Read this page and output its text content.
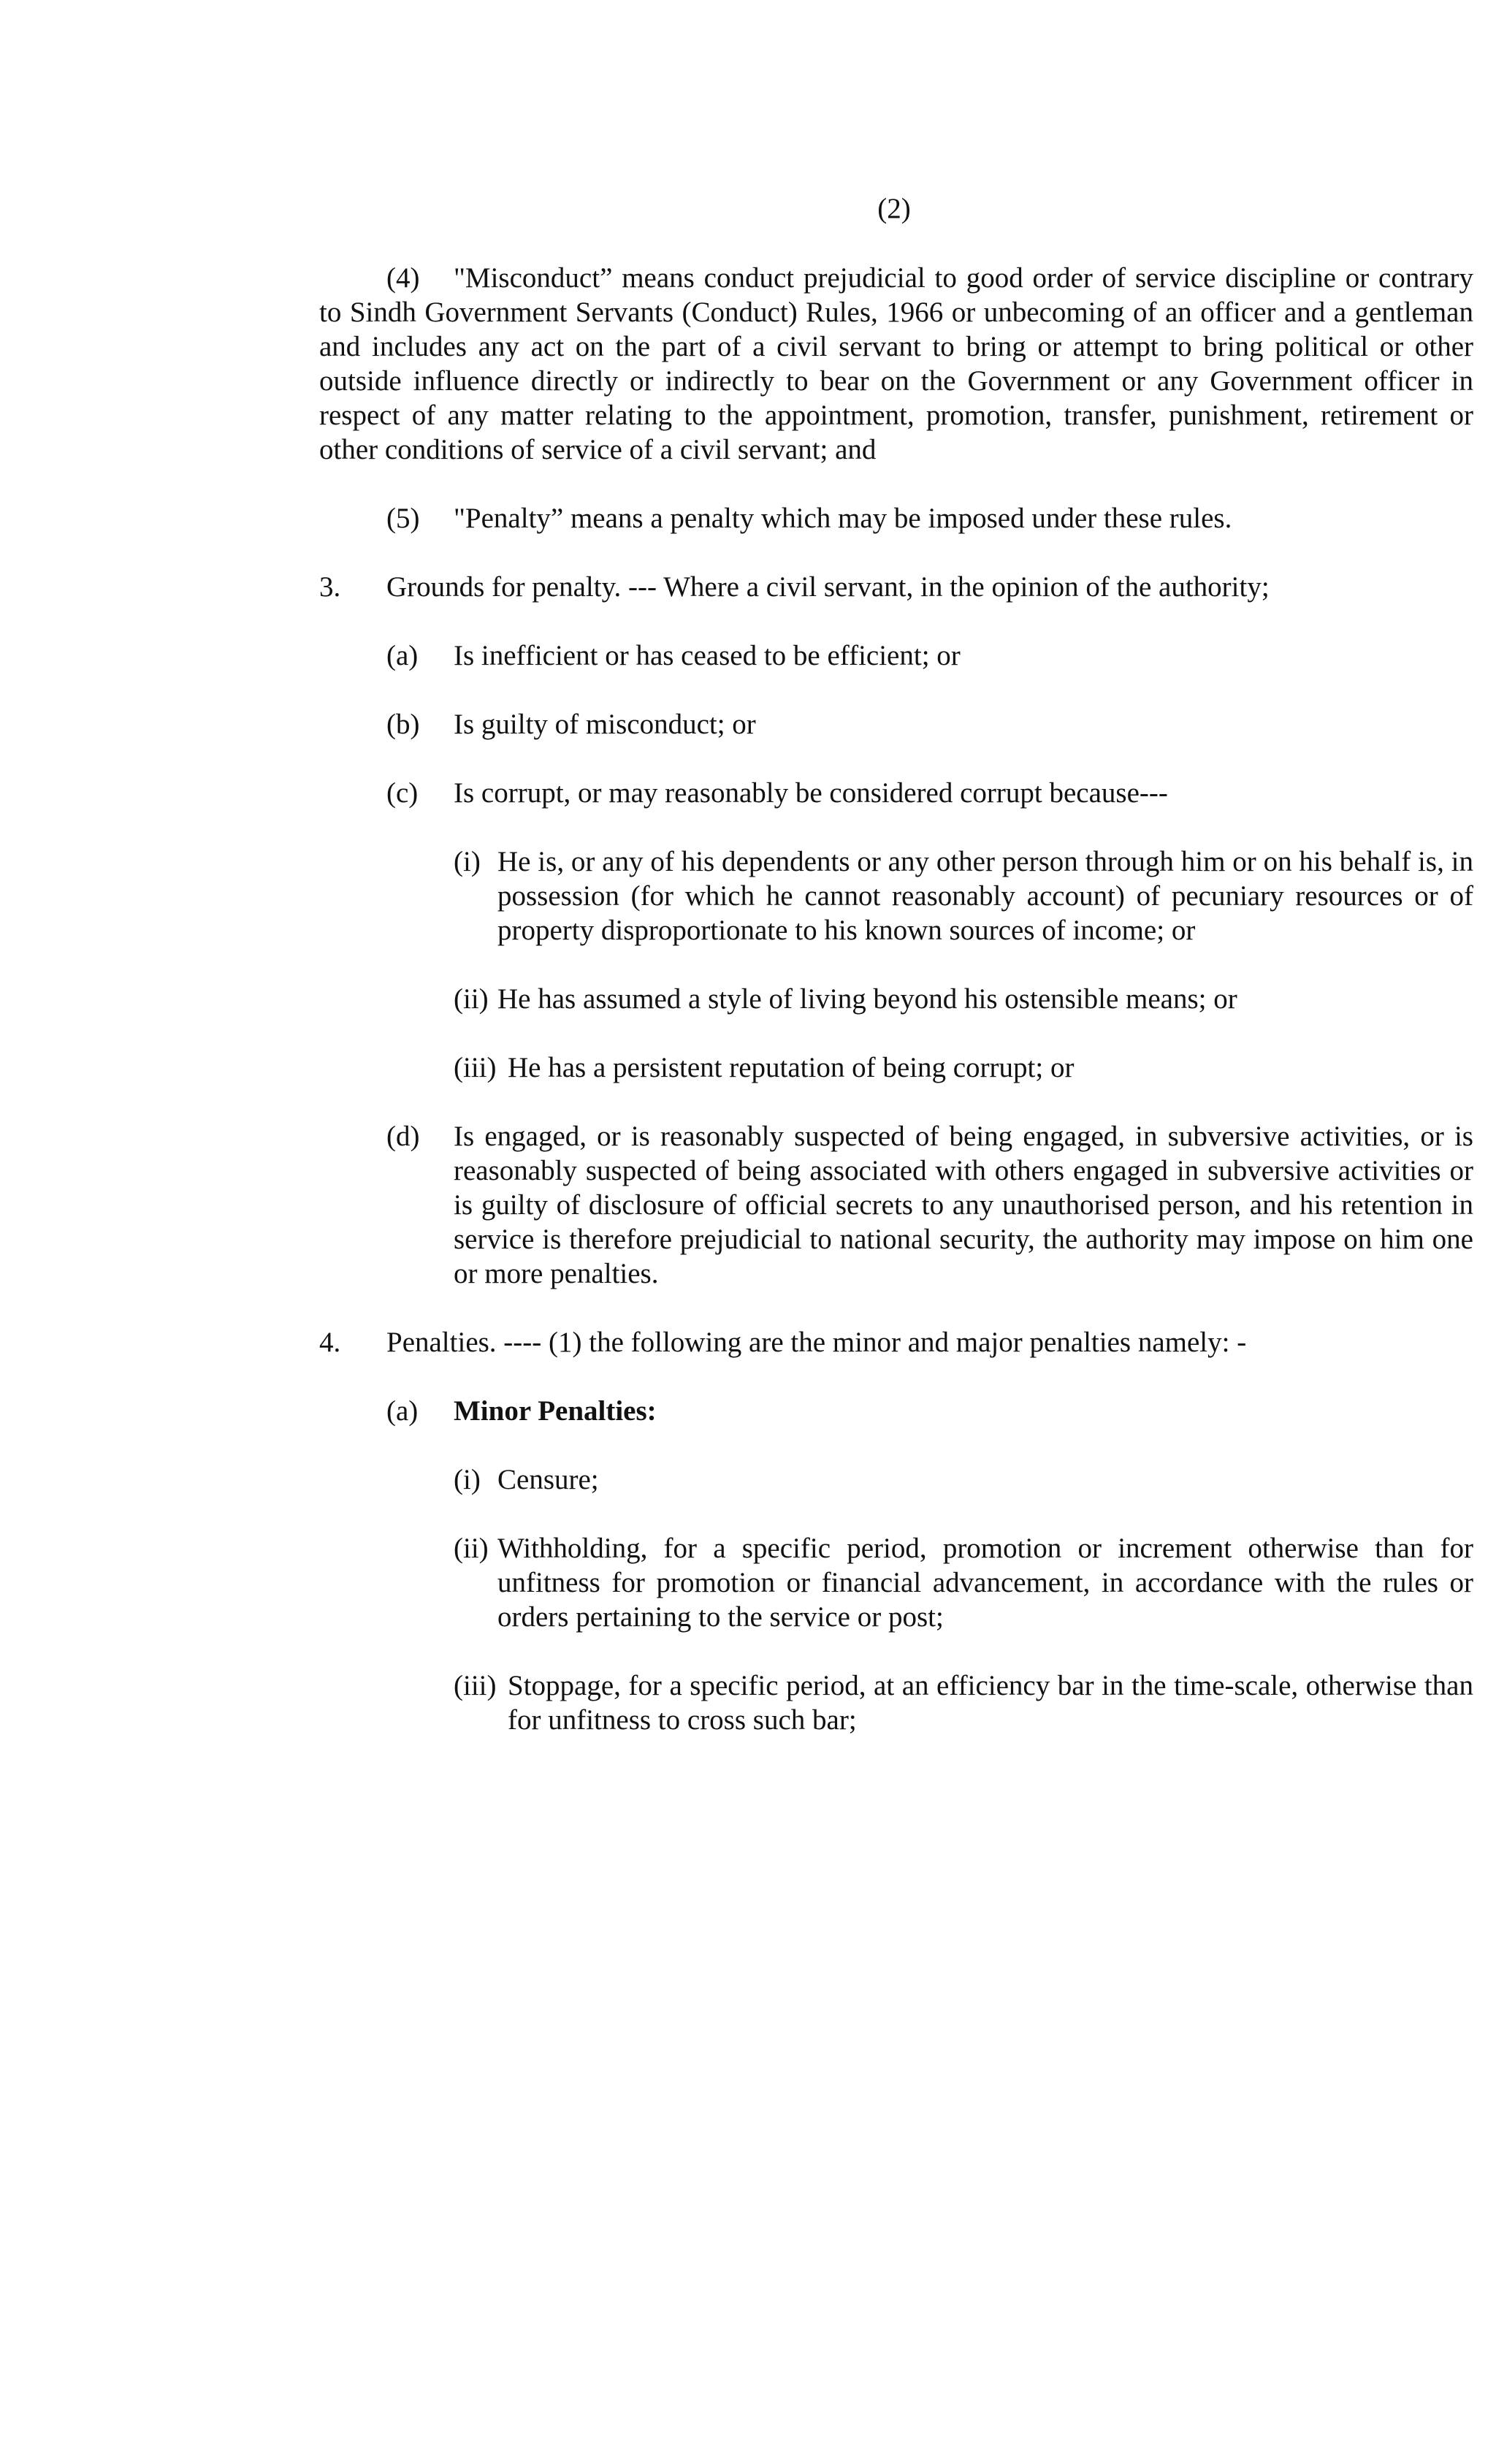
(2)

(4) "Misconduct” means conduct prejudicial to good order of service discipline or contrary to Sindh Government Servants (Conduct) Rules, 1966 or unbecoming of an officer and a gentleman and includes any act on the part of a civil servant to bring or attempt to bring political or other outside influence directly or indirectly to bear on the Government or any Government officer in respect of any matter relating to the appointment, promotion, transfer, punishment, retirement or other conditions of service of a civil servant; and

(5)	"Penalty” means a penalty which may be imposed under these rules.
3.	Grounds for penalty. --- Where a civil servant, in the opinion of the authority;
(a)	Is inefficient or has ceased to be efficient; or
(b)	Is guilty of misconduct; or
(c)	Is corrupt, or may reasonably be considered corrupt because---
(i) He is, or any of his dependents or any other person through him or on his behalf is, in possession (for which he cannot reasonably account) of pecuniary resources or of property disproportionate to his known sources of income; or
(ii) He has assumed a style of living beyond his ostensible means; or
(iii) He has a persistent reputation of being corrupt; or
(d)	Is engaged, or is reasonably suspected of being engaged, in subversive activities, or is reasonably suspected of being associated with others engaged in subversive activities or is guilty of disclosure of official secrets to any unauthorised person, and his retention in service is therefore prejudicial to national security, the authority may impose on him one or more penalties.
4.	Penalties. ---- (1) the following are the minor and major penalties namely: -
(a)	Minor Penalties:
(i) Censure;
(ii) Withholding, for a specific period, promotion or increment otherwise than for unfitness for promotion or financial advancement, in accordance with the rules or orders pertaining to the service or post;
(iii) Stoppage, for a specific period, at an efficiency bar in the time-scale, otherwise than for unfitness to cross such bar;
